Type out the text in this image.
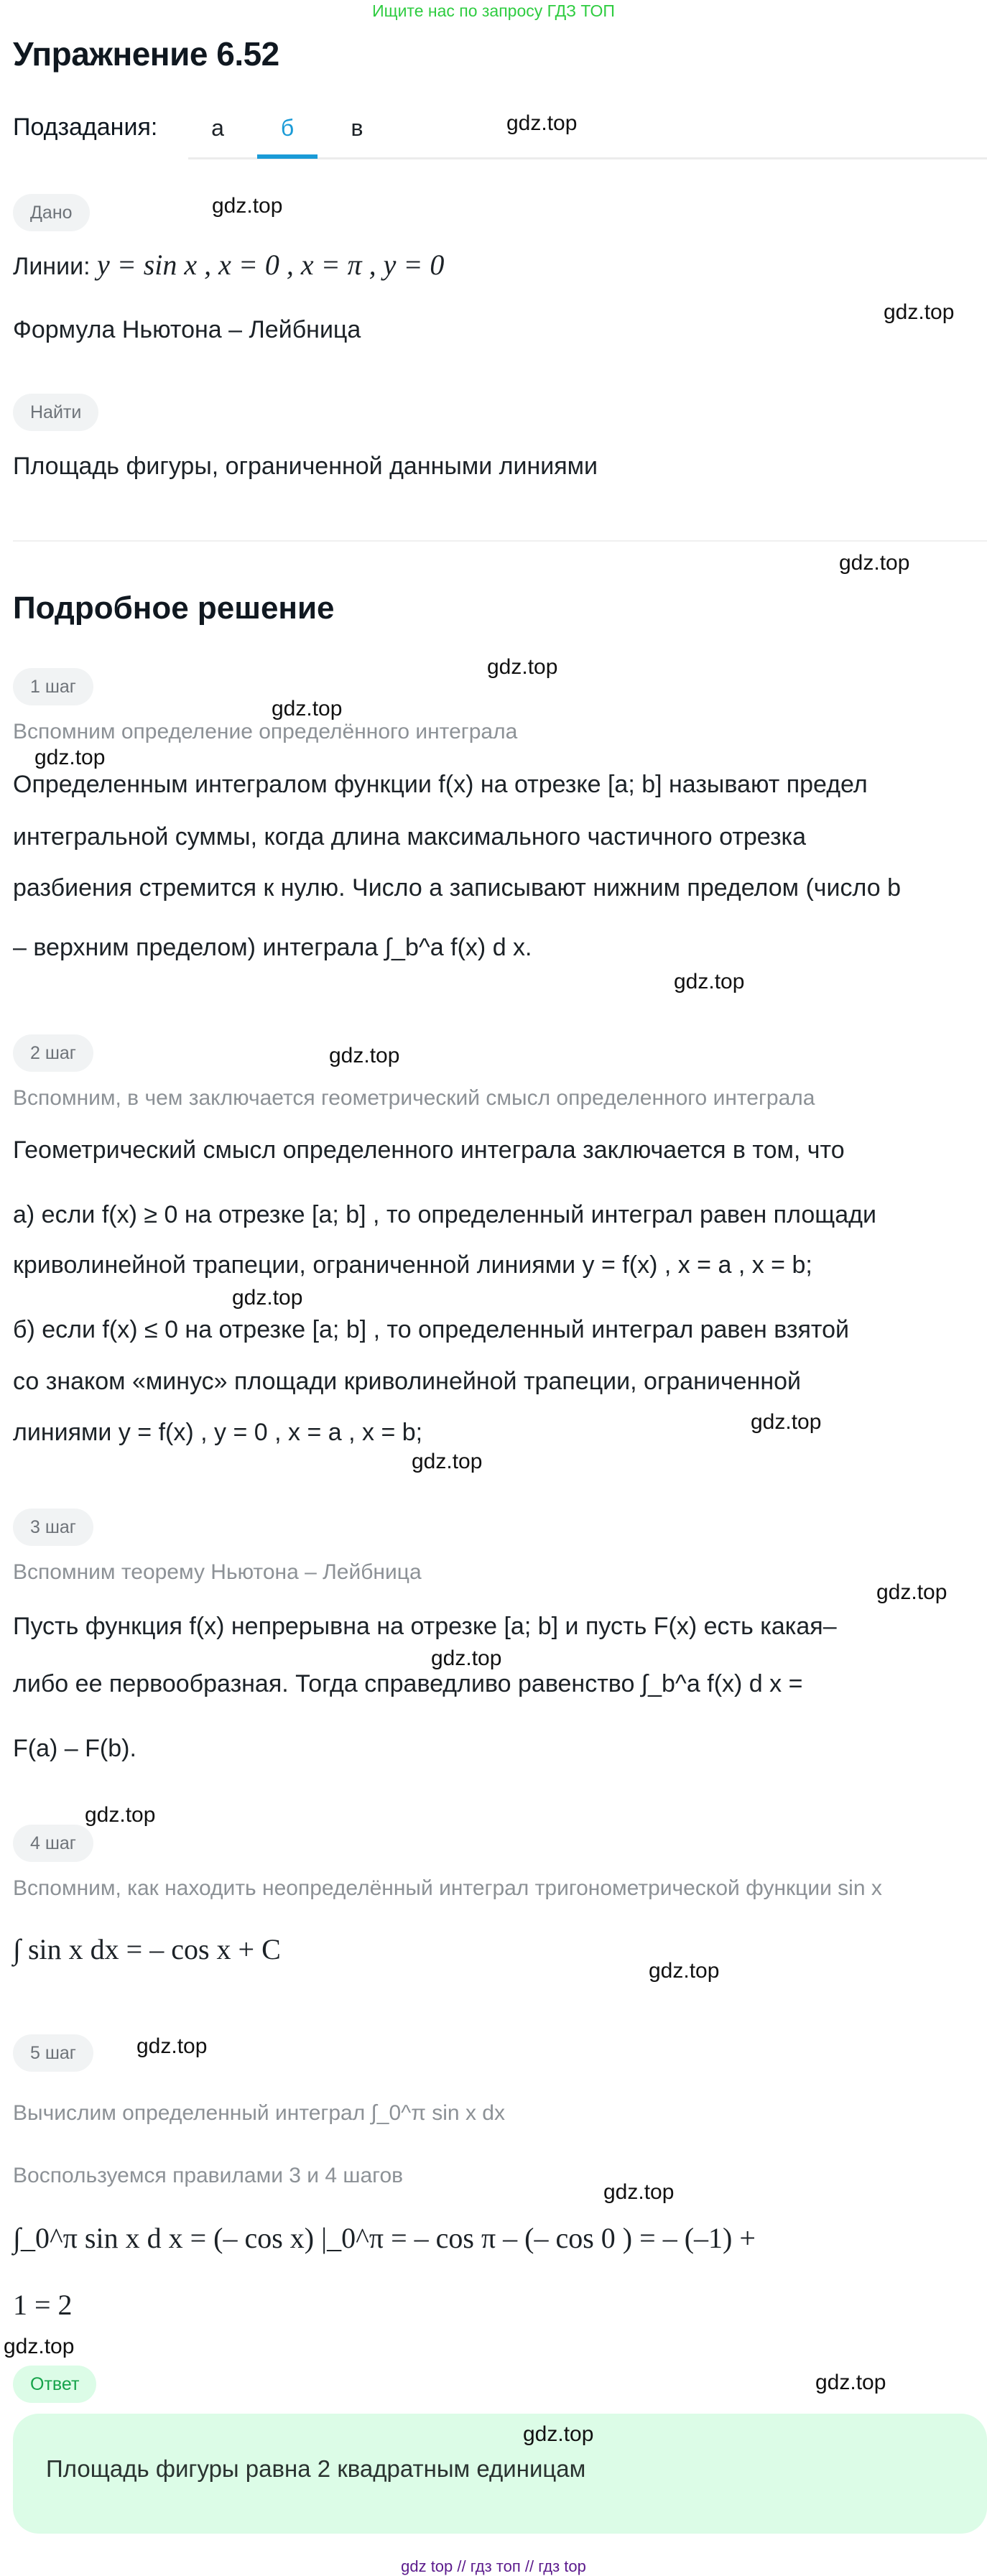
Ищите нас по запросу ГДЗ ТОП
Упражнение 6.52
Подзадания:	а	б	в
Дано
Линии: y = sin x , x = 0 , x = π , y = 0
Формула Ньютона – Лейбница
Найти
Площадь фигуры, ограниченной данными линиями
Подробное решение
1 шаг
Вспомним определение определённого интеграла
Определенным интегралом функции f(x) на отрезке [a; b] называют предел
интегральной суммы, когда длина максимального частичного отрезка
разбиения стремится к нулю. Число a записывают нижним пределом (число b
– верхним пределом) интеграла ∫_b^a f(x) d x.
2 шаг
Вспомним, в чем заключается геометрический смысл определенного интеграла
Геометрический смысл определенного интеграла заключается в том, что
а) если f(x) ≥ 0 на отрезке [a; b] , то определенный интеграл равен площади
криволинейной трапеции, ограниченной линиями y = f(x) , x = a , x = b;
б) если f(x) ≤ 0 на отрезке [a; b] , то определенный интеграл равен взятой
со знаком «минус» площади криволинейной трапеции, ограниченной
линиями y = f(x) , y = 0 , x = a , x = b;
3 шаг
Вспомним теорему Ньютона – Лейбница
Пусть функция f(x) непрерывна на отрезке [a; b] и пусть F(x) есть какая–
либо ее первообразная. Тогда справедливо равенство ∫_b^a f(x) d x =
F(a) – F(b).
4 шаг
Вспомним, как находить неопределённый интеграл тригонометрической функции sin x
∫ sin x dx = – cos x + C
5 шаг
Вычислим определенный интеграл ∫_0^π sin x dx
Воспользуемся правилами 3 и 4 шагов
∫_0^π sin x d x = (– cos x) |_0^π = – cos π – (– cos 0 ) = – (–1) +
1 = 2
Ответ
Площадь фигуры равна 2 квадратным единицам
gdz.top
gdz.top
gdz.top
gdz.top
gdz.top
gdz.top
gdz.top
gdz.top
gdz.top
gdz.top
gdz.top
gdz.top
gdz.top
gdz.top
gdz.top
gdz.top
gdz.top
gdz.top
gdz.top
gdz.top
gdz.top
gdz top // гдз топ // гдз top
